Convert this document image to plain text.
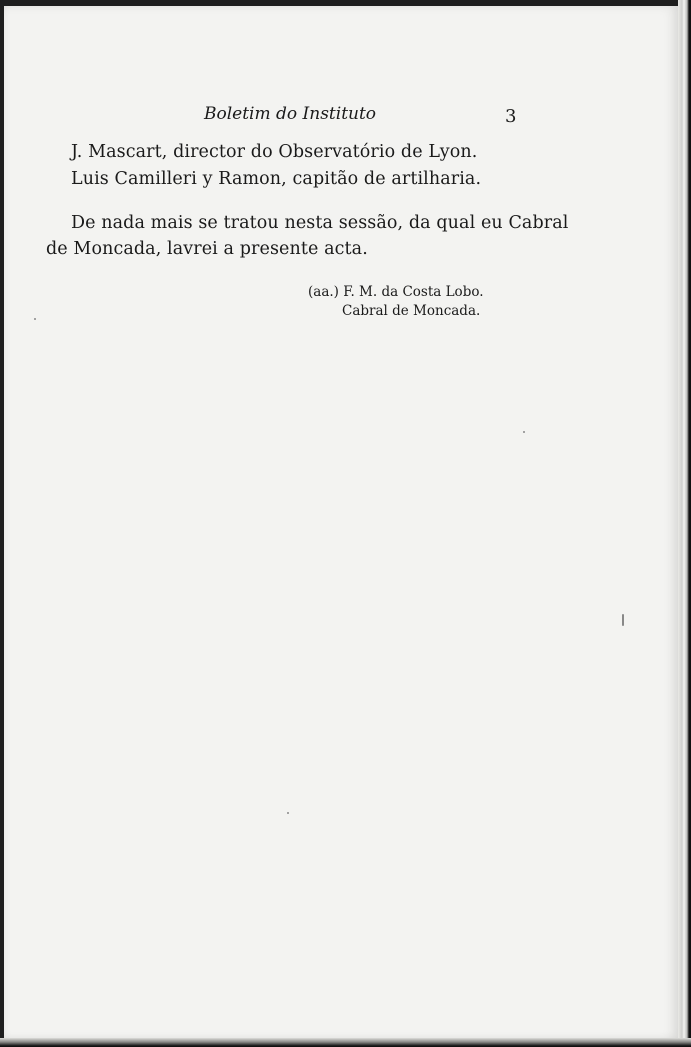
Boletim do Instituto	3
J. Mascart, director do Observatório de Lyon.
Luis Camilleri y Ramon, capitão de artilharia.
De nada mais se tratou nesta sessão, da qual eu Cabral
de Moncada, lavrei a presente acta.
(aa.) F. M. da Costa Lobo.
Cabral de Moncada.
